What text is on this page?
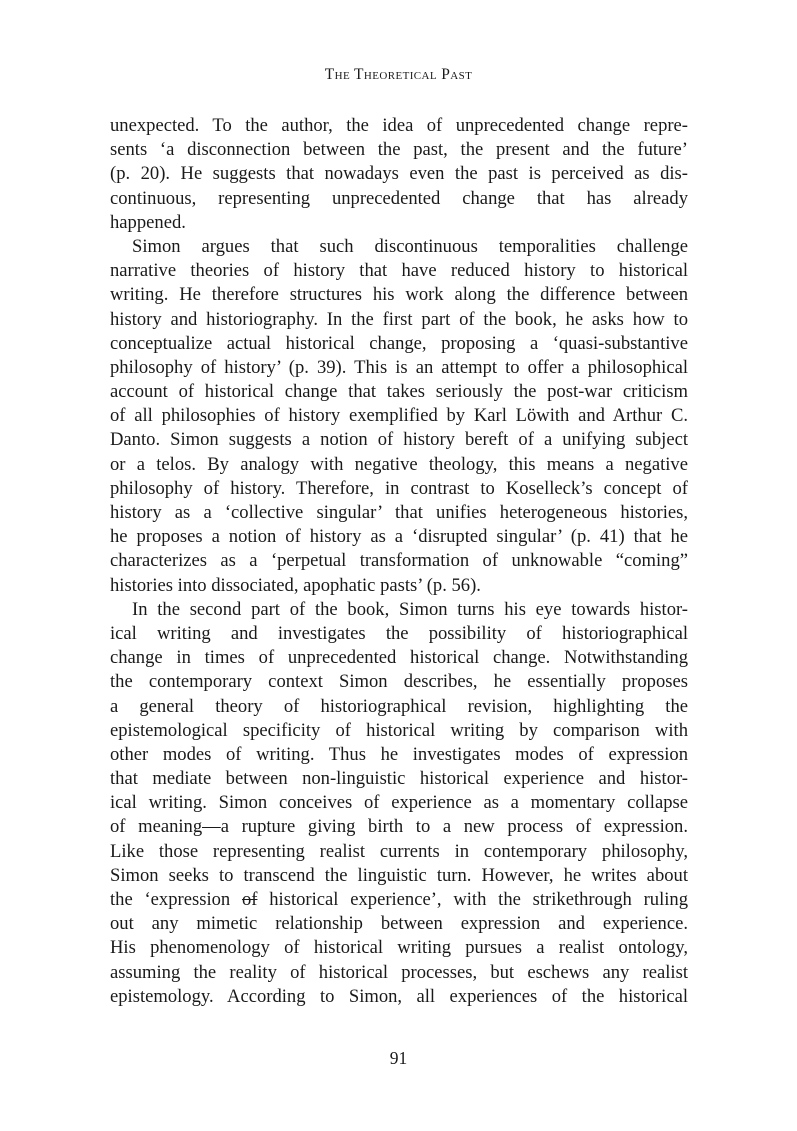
The Theoretical Past
unexpected. To the author, the idea of unprecedented change repre-
sents ‘a disconnection between the past, the present and the future’
(p. 20). He suggests that nowadays even the past is perceived as dis-
continuous, representing unprecedented change that has already
happened.
Simon argues that such discontinuous temporalities challenge
narrative theories of history that have reduced history to historical
writing. He therefore structures his work along the difference between
history and historiography. In the first part of the book, he asks how to
conceptualize actual historical change, proposing a ‘quasi-substantive
philosophy of history’ (p. 39). This is an attempt to offer a philosophical
account of historical change that takes seriously the post-war criticism
of all philosophies of history exemplified by Karl Löwith and Arthur C.
Danto. Simon suggests a notion of history bereft of a unifying subject
or a telos. By analogy with negative theology, this means a negative
philosophy of history. Therefore, in contrast to Koselleck’s concept of
history as a ‘collective singular’ that unifies heterogeneous histories,
he proposes a notion of history as a ‘disrupted singular’ (p. 41) that he
characterizes as a ‘perpetual transformation of unknowable “coming”
histories into dissociated, apophatic pasts’ (p. 56).
In the second part of the book, Simon turns his eye towards histor-
ical writing and investigates the possibility of historiographical
change in times of unprecedented historical change. Notwithstanding
the contemporary context Simon describes, he essentially proposes
a general theory of historiographical revision, highlighting the
epistemological specificity of historical writing by comparison with
other modes of writing. Thus he investigates modes of expression
that mediate between non-linguistic historical experience and histor-
ical writing. Simon conceives of experience as a momentary collapse
of meaning—a rupture giving birth to a new process of expression.
Like those representing realist currents in contemporary philosophy,
Simon seeks to transcend the linguistic turn. However, he writes about
the ‘expression of historical experience’, with the strikethrough ruling
out any mimetic relationship between expression and experience.
His phenomenology of historical writing pursues a realist ontology,
assuming the reality of historical processes, but eschews any realist
epistemology. According to Simon, all experiences of the historical
91
